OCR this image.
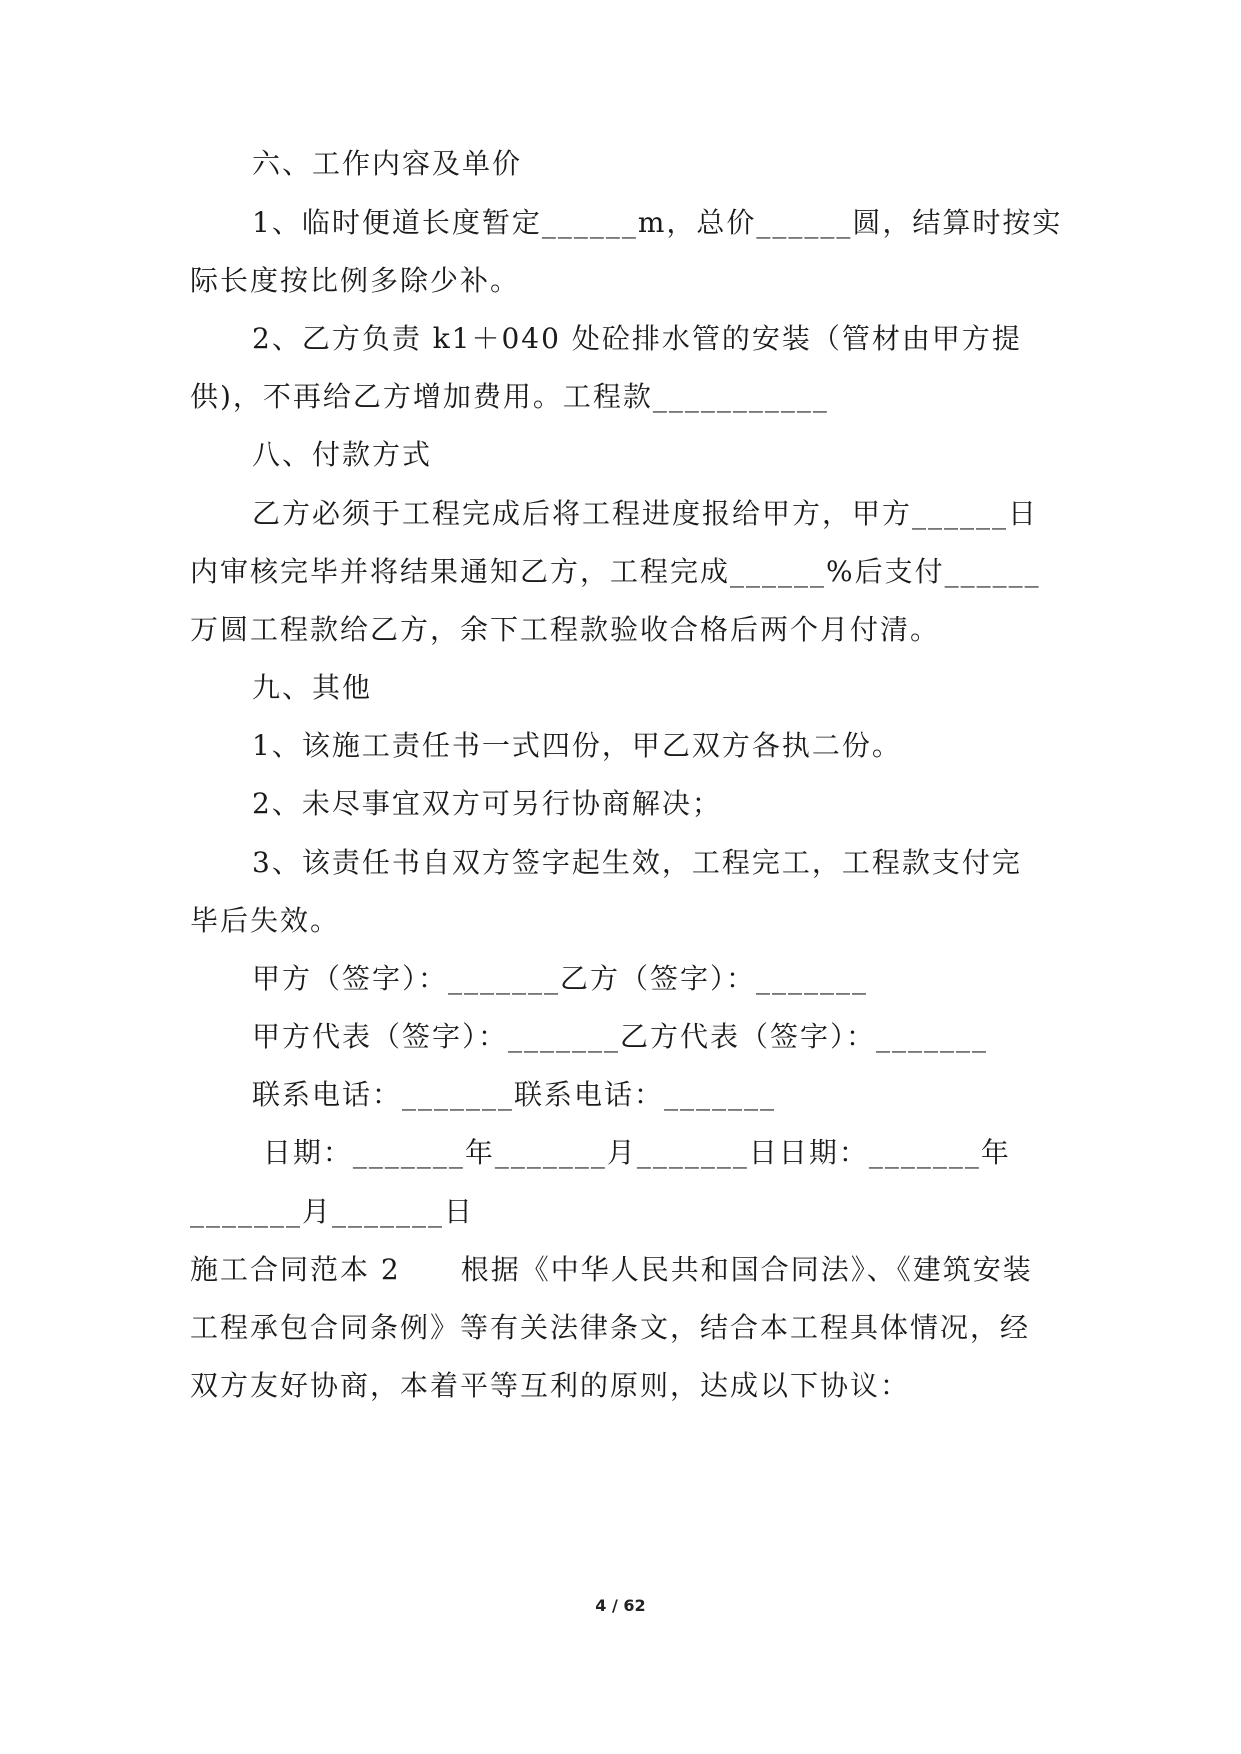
六、工作内容及单价
1、临时便道长度暂定______m，总价______圆，结算时按实
际长度按比例多除少补。
2、乙方负责 k1＋040 处砼排水管的安装（管材由甲方提
供)，不再给乙方增加费用。工程款___________
八、付款方式
乙方必须于工程完成后将工程进度报给甲方，甲方______日
内审核完毕并将结果通知乙方，工程完成______%后支付______
万圆工程款给乙方，余下工程款验收合格后两个月付清。
九、其他
1、该施工责任书一式四份，甲乙双方各执二份。
2、未尽事宜双方可另行协商解决；
3、该责任书自双方签字起生效，工程完工，工程款支付完
毕后失效。
甲方（签字）：_______乙方（签字）：_______
甲方代表（签字）：_______乙方代表（签字）：_______
联系电话：_______联系电话：_______
日期：_______年_______月_______日日期：_______年
_______月_______日
施工合同范本 2　　根据《中华人民共和国合同法》、《建筑安装
工程承包合同条例》等有关法律条文，结合本工程具体情况，经
双方友好协商，本着平等互利的原则，达成以下协议：
4 / 62
